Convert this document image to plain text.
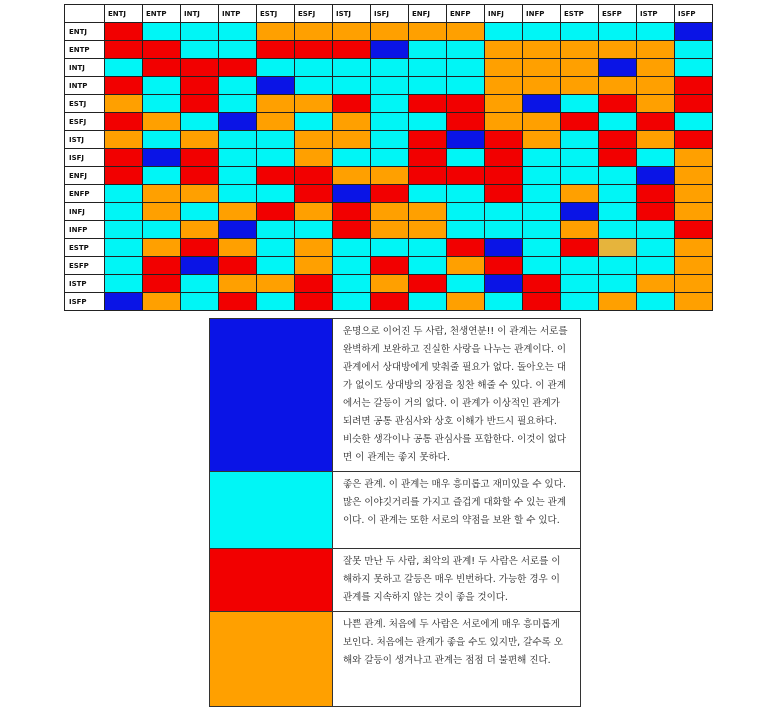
	ENTJ	ENTP	INTJ	INTP	ESTJ	ESFJ	ISTJ	ISFJ	ENFJ	ENFP	INFJ	INFP	ESTP	ESFP	ISTP	ISFP
ENTJ																
ENTP																
INTJ																
INTP																
ESTJ																
ESFJ																
ISTJ																
ISFJ																
ENFJ																
ENFP																
INFJ																
INFP																
ESTP																
ESFP																
ISTP																
ISFP																
	운명으로 이어진 두 사람, 천생연분!! 이 관계는 서로를 완벽하게 보완하고 진실한 사랑을 나누는 관계이다. 이 관계에서 상대방에게 맞춰줄 필요가 없다. 돌아오는 대가 없이도 상대방의 장점을 칭찬 해줄 수 있다. 이 관계에서는 갈등이 거의 없다. 이 관계가 이상적인 관계가 되려면 공통 관심사와 상호 이해가 반드시 필요하다. 비슷한 생각이나 공통 관심사를 포함한다. 이것이 없다면 이 관계는 좋지 못하다.
	좋은 관계. 이 관계는 매우 흥미롭고 재미있을 수 있다. 많은 이야깃거리를 가지고 즐겁게 대화할 수 있는 관계이다. 이 관계는 또한 서로의 약점을 보완 할 수 있다.
	잘못 만난 두 사람, 최악의 관계! 두 사람은 서로를 이해하지 못하고 갈등은 매우 빈번하다. 가능한 경우 이 관계를 지속하지 않는 것이 좋을 것이다.
	나쁜 관계. 처음에 두 사람은 서로에게 매우 흥미롭게 보인다. 처음에는 관계가 좋을 수도 있지만, 갈수록 오해와 갈등이 생겨나고 관계는 점점 더 불편해 진다.
